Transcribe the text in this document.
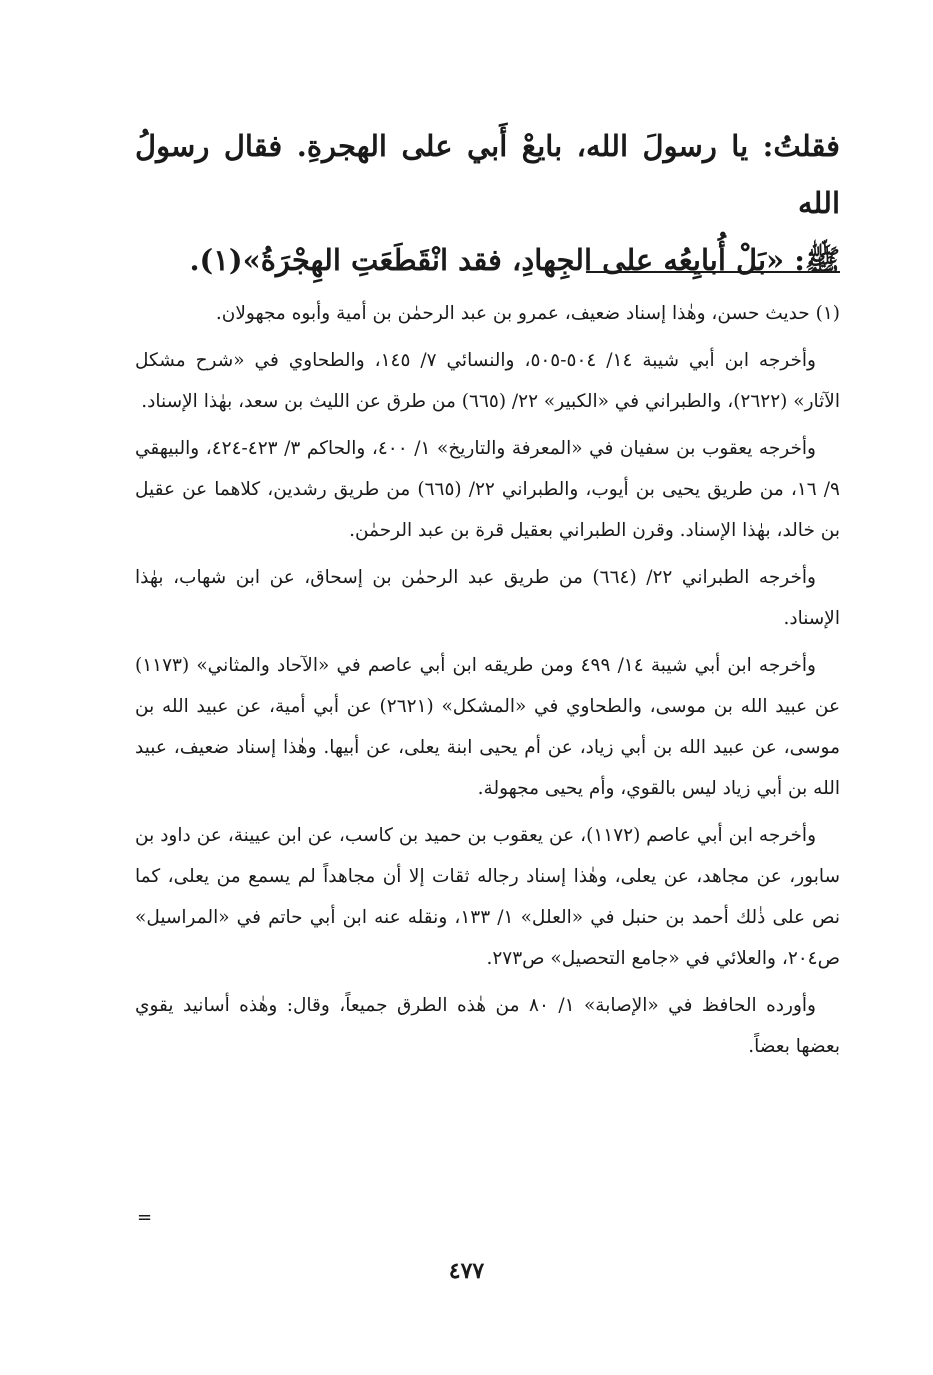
فقلتُ: يا رسولَ الله، بايعْ أَبي على الهجرةِ. فقال رسولُ الله

ﷺ: «بَلْ أُبايِعُه على الجِهادِ، فقد انْقَطَعَتِ الهِجْرَةُ»(١).

(١) حديث حسن، وهٰذا إسناد ضعيف، عمرو بن عبد الرحمٰن بن أمية وأبوه مجهولان.

وأخرجه ابن أبي شيبة ١٤/ ٥٠٤-٥٠٥، والنسائي ٧/ ١٤٥، والطحاوي في «شرح مشكل الآثار» (٢٦٢٢)، والطبراني في «الكبير» ٢٢/ (٦٦٥) من طرق عن الليث بن سعد، بهٰذا الإسناد.

وأخرجه يعقوب بن سفيان في «المعرفة والتاريخ» ١/ ٤٠٠، والحاكم ٣/ ٤٢٣-٤٢٤، والبيهقي ٩/ ١٦، من طريق يحيى بن أيوب، والطبراني ٢٢/ (٦٦٥) من طريق رشدين، كلاهما عن عقيل بن خالد، بهٰذا الإسناد. وقرن الطبراني بعقيل قرة بن عبد الرحمٰن.

وأخرجه الطبراني ٢٢/ (٦٦٤) من طريق عبد الرحمٰن بن إسحاق، عن ابن شهاب، بهٰذا الإسناد.

وأخرجه ابن أبي شيبة ١٤/ ٤٩٩ ومن طريقه ابن أبي عاصم في «الآحاد والمثاني» (١١٧٣) عن عبيد الله بن موسى، والطحاوي في «المشكل» (٢٦٢١) عن أبي أمية، عن عبيد الله بن موسى، عن عبيد الله بن أبي زياد، عن أم يحيى ابنة يعلى، عن أبيها. وهٰذا إسناد ضعيف، عبيد الله بن أبي زياد ليس بالقوي، وأم يحيى مجهولة.

وأخرجه ابن أبي عاصم (١١٧٢)، عن يعقوب بن حميد بن كاسب، عن ابن عيينة، عن داود بن سابور، عن مجاهد، عن يعلى، وهٰذا إسناد رجاله ثقات إلا أن مجاهداً لم يسمع من يعلى، كما نص على ذٰلك أحمد بن حنبل في «العلل» ١/ ١٣٣، ونقله عنه ابن أبي حاتم في «المراسيل» ص٢٠٤، والعلائي في «جامع التحصيل» ص٢٧٣.

وأورده الحافظ في «الإصابة» ١/ ٨٠ من هٰذه الطرق جميعاً، وقال: وهٰذه أسانيد يقوي بعضها بعضاً.

=
٤٧٧
